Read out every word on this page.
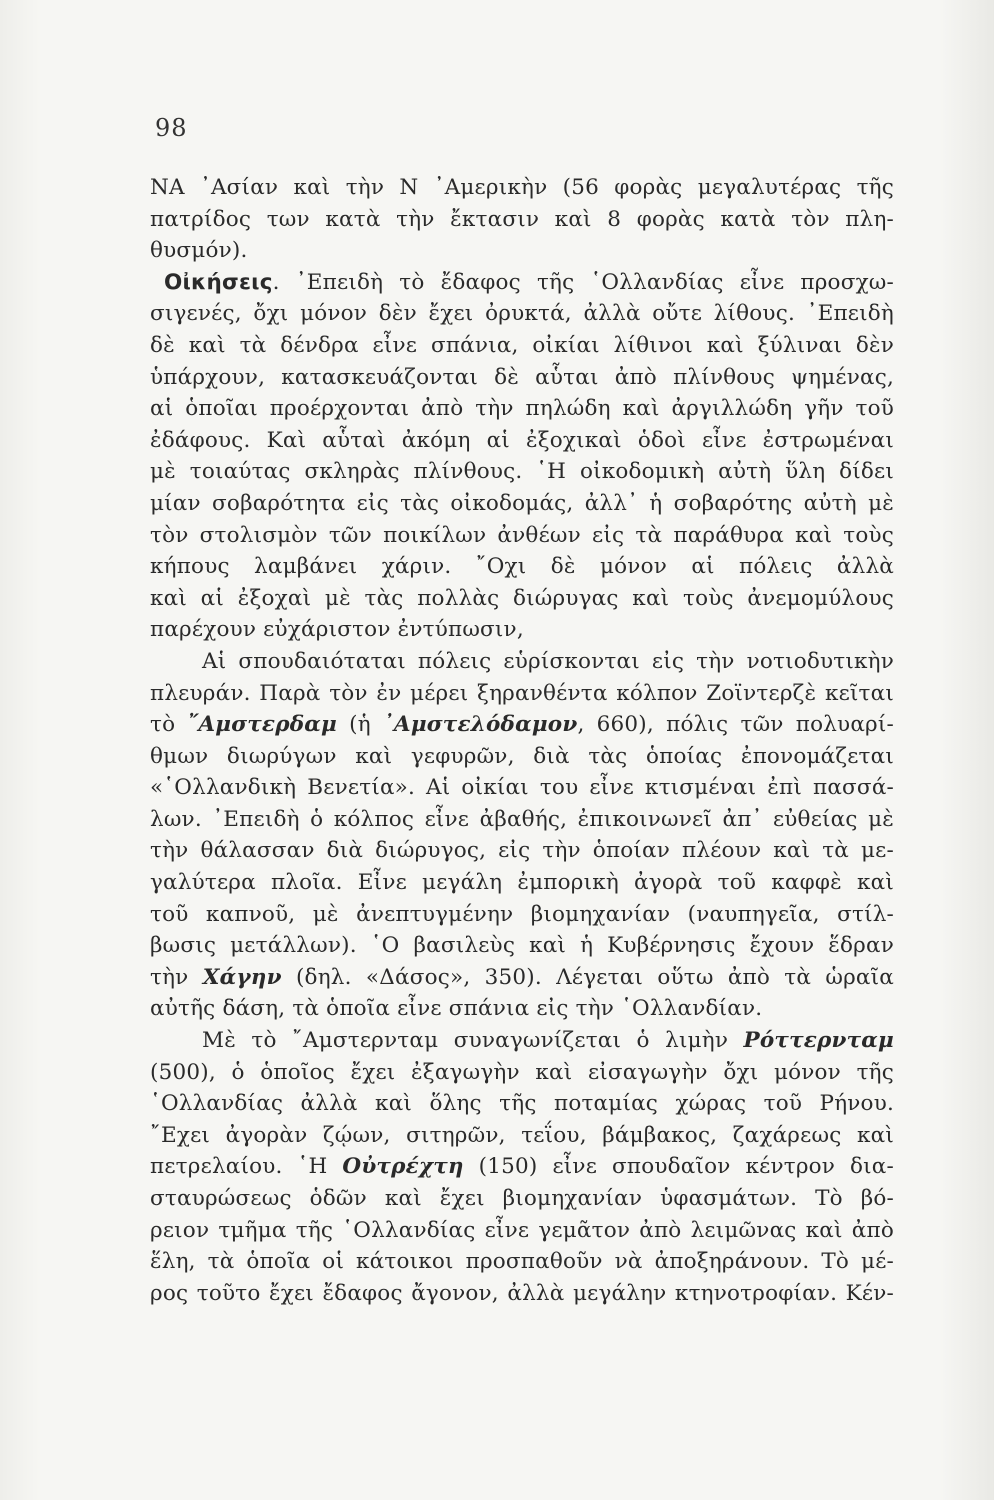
98
ΝΑ ᾿Ασίαν καὶ τὴν Ν ᾿Αμερικὴν (56 φορὰς μεγαλυτέρας τῆς
πατρίδος των κατὰ τὴν ἔκτασιν καὶ 8 φορὰς κατὰ τὸν πλη-
θυσμόν).
Οἰκήσεις. ᾿Επειδὴ τὸ ἔδαφος τῆς ῾Ολλανδίας εἶνε προσχω-
σιγενές, ὄχι μόνον δὲν ἔχει ὀρυκτά, ἀλλὰ οὔτε λίθους. ᾿Επειδὴ
δὲ καὶ τὰ δένδρα εἶνε σπάνια, οἰκίαι λίθινοι καὶ ξύλιναι δὲν
ὑπάρχουν, κατασκευάζονται δὲ αὗται ἀπὸ πλίνθους ψημένας,
αἱ ὁποῖαι προέρχονται ἀπὸ τὴν πηλώδη καὶ ἀργιλλώδη γῆν τοῦ
ἐδάφους. Καὶ αὗταὶ ἀκόμη αἱ ἐξοχικαὶ ὁδοὶ εἶνε ἐστρωμέναι
μὲ τοιαύτας σκληρὰς πλίνθους. ῾Η οἰκοδομικὴ αὐτὴ ὕλη δίδει
μίαν σοβαρότητα εἰς τὰς οἰκοδομάς, ἀλλ᾿ ἡ σοβαρότης αὐτὴ μὲ
τὸν στολισμὸν τῶν ποικίλων ἀνθέων εἰς τὰ παράθυρα καὶ τοὺς
κήπους λαμβάνει χάριν. ῎Οχι δὲ μόνον αἱ πόλεις ἀλλὰ
καὶ αἱ ἐξοχαὶ μὲ τὰς πολλὰς διώρυγας καὶ τοὺς ἀνεμομύλους
παρέχουν εὐχάριστον ἐντύπωσιν,
Αἱ σπουδαιόταται πόλεις εὑρίσκονται εἰς τὴν νοτιοδυτικὴν
πλευράν. Παρὰ τὸν ἐν μέρει ξηρανθέντα κόλπον Ζοϊντερζὲ κεῖται
τὸ ῎Αμστερδαμ (ἡ ᾿Αμστελόδαμον, 660), πόλις τῶν πολυαρί-
θμων διωρύγων καὶ γεφυρῶν, διὰ τὰς ὁποίας ἐπονομάζεται
«῾Ολλανδικὴ Βενετία». Αἱ οἰκίαι του εἶνε κτισμέναι ἐπὶ πασσά-
λων. ᾿Επειδὴ ὁ κόλπος εἶνε ἀβαθής, ἐπικοινωνεῖ ἀπ᾿ εὐθείας μὲ
τὴν θάλασσαν διὰ διώρυγος, εἰς τὴν ὁποίαν πλέουν καὶ τὰ με-
γαλύτερα πλοῖα. Εἶνε μεγάλη ἐμπορικὴ ἀγορὰ τοῦ καφφὲ καὶ
τοῦ καπνοῦ, μὲ ἀνεπτυγμένην βιομηχανίαν (ναυπηγεῖα, στίλ-
βωσις μετάλλων). ῾Ο βασιλεὺς καὶ ἡ Κυβέρνησις ἔχουν ἕδραν
τὴν Χάγην (δηλ. «Δάσος», 350). Λέγεται οὕτω ἀπὸ τὰ ὡραῖα
αὐτῆς δάση, τὰ ὁποῖα εἶνε σπάνια εἰς τὴν ῾Ολλανδίαν.
Μὲ τὸ ῎Αμστερνταμ συναγωνίζεται ὁ λιμὴν Ρόττερνταμ
(500), ὁ ὁποῖος ἔχει ἐξαγωγὴν καὶ εἰσαγωγὴν ὄχι μόνον τῆς
῾Ολλανδίας ἀλλὰ καὶ ὅλης τῆς ποταμίας χώρας τοῦ Ρήνου.
῎Εχει ἀγορὰν ζῴων, σιτηρῶν, τεΐου, βάμβακος, ζαχάρεως καὶ
πετρελαίου. ῾Η Οὐτρέχτη (150) εἶνε σπουδαῖον κέντρον δια-
σταυρώσεως ὁδῶν καὶ ἔχει βιομηχανίαν ὑφασμάτων. Τὸ βό-
ρειον τμῆμα τῆς ῾Ολλανδίας εἶνε γεμᾶτον ἀπὸ λειμῶνας καὶ ἀπὸ
ἕλη, τὰ ὁποῖα οἱ κάτοικοι προσπαθοῦν νὰ ἀποξηράνουν. Τὸ μέ-
ρος τοῦτο ἔχει ἔδαφος ἄγονον, ἀλλὰ μεγάλην κτηνοτροφίαν. Κέν-
